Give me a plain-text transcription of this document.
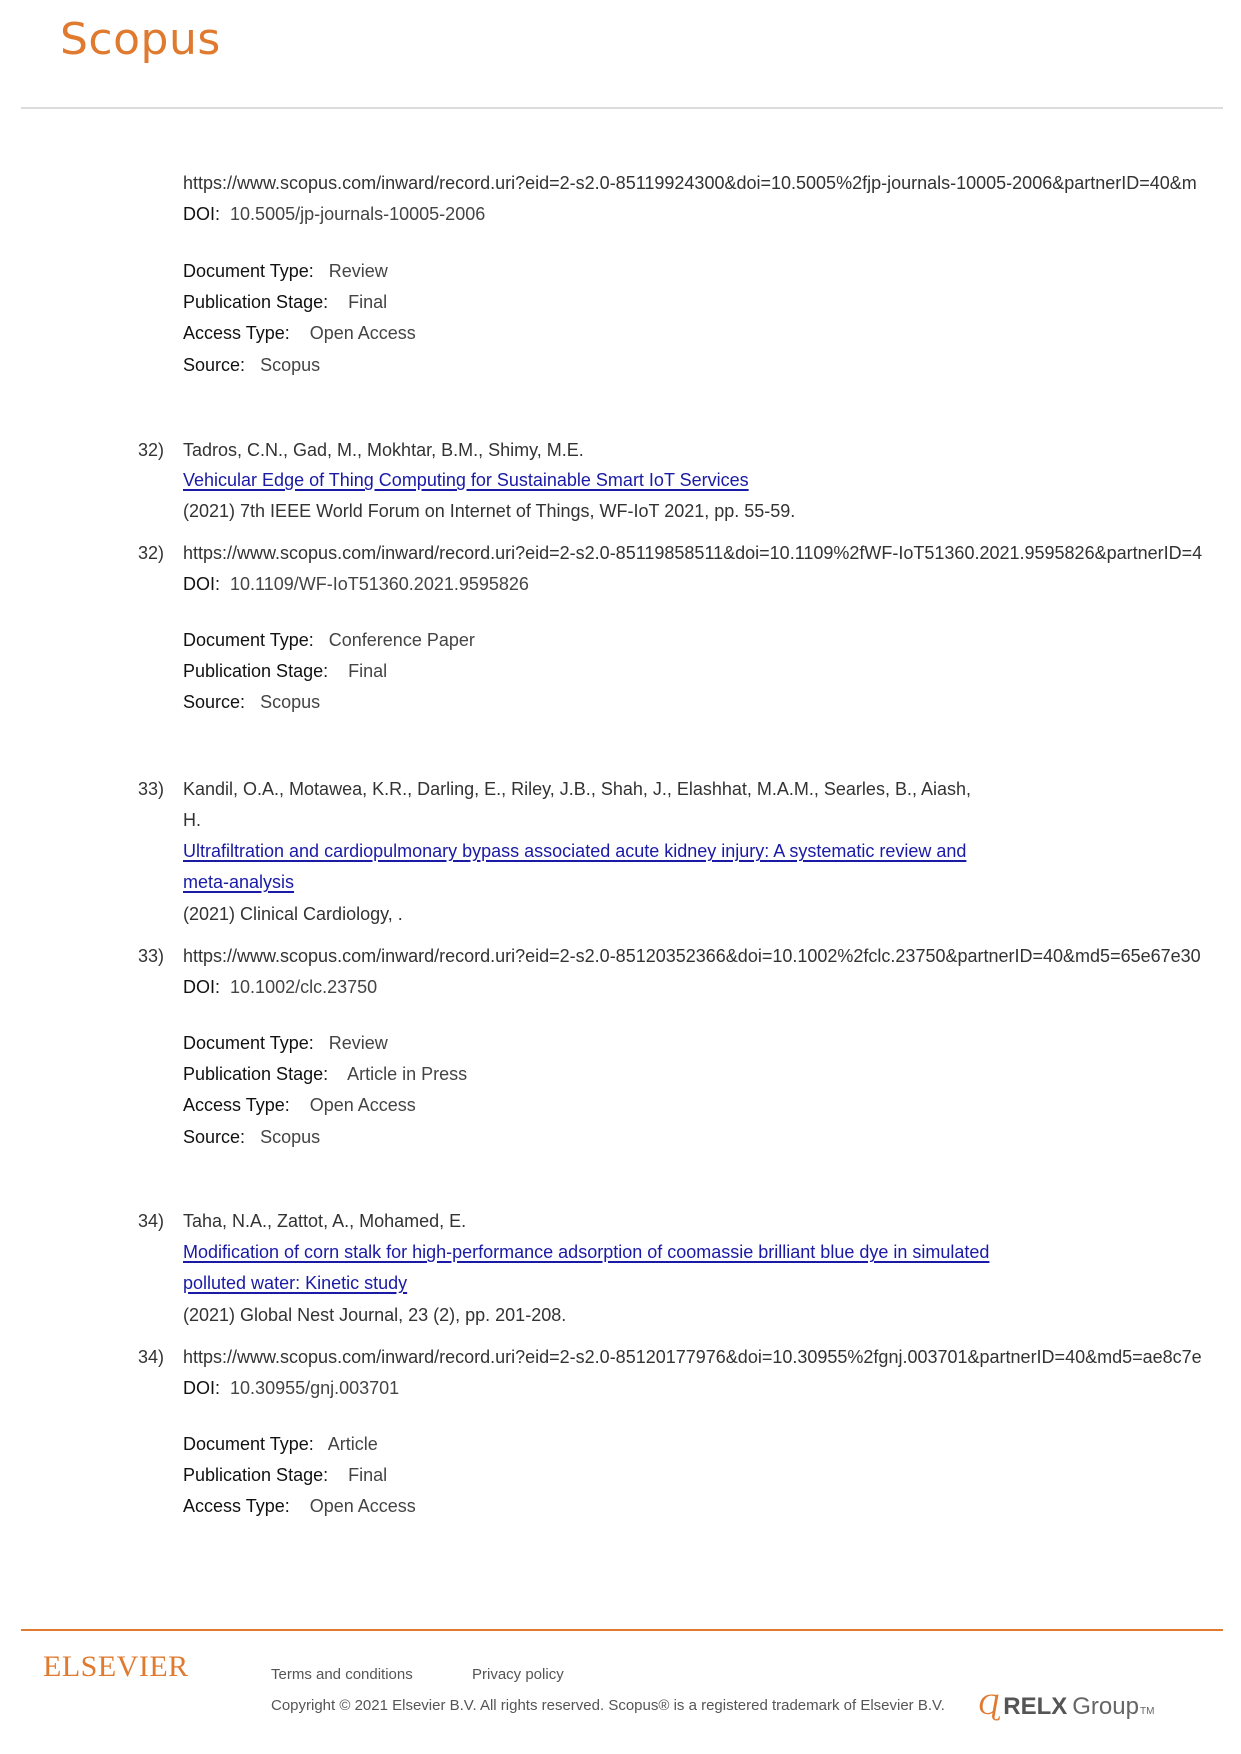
Scopus
https://www.scopus.com/inward/record.uri?eid=2-s2.0-85119924300&doi=10.5005%2fjp-journals-10005-2006&partnerID=40&m
DOI: 10.5005/jp-journals-10005-2006
Document Type: Review
Publication Stage: Final
Access Type: Open Access
Source: Scopus
32) Tadros, C.N., Gad, M., Mokhtar, B.M., Shimy, M.E.
Vehicular Edge of Thing Computing for Sustainable Smart IoT Services
(2021) 7th IEEE World Forum on Internet of Things, WF-IoT 2021, pp. 55-59.
32) https://www.scopus.com/inward/record.uri?eid=2-s2.0-85119858511&doi=10.1109%2fWF-IoT51360.2021.9595826&partnerID=4
DOI: 10.1109/WF-IoT51360.2021.9595826
Document Type: Conference Paper
Publication Stage: Final
Source: Scopus
33) Kandil, O.A., Motawea, K.R., Darling, E., Riley, J.B., Shah, J., Elashhat, M.A.M., Searles, B., Aiash,
H.
Ultrafiltration and cardiopulmonary bypass associated acute kidney injury: A systematic review and
meta-analysis
(2021) Clinical Cardiology, .
33) https://www.scopus.com/inward/record.uri?eid=2-s2.0-85120352366&doi=10.1002%2fclc.23750&partnerID=40&md5=65e67e30
DOI: 10.1002/clc.23750
Document Type: Review
Publication Stage: Article in Press
Access Type: Open Access
Source: Scopus
34) Taha, N.A., Zattot, A., Mohamed, E.
Modification of corn stalk for high-performance adsorption of coomassie brilliant blue dye in simulated
polluted water: Kinetic study
(2021) Global Nest Journal, 23 (2), pp. 201-208.
34) https://www.scopus.com/inward/record.uri?eid=2-s2.0-85120177976&doi=10.30955%2fgnj.003701&partnerID=40&md5=ae8c7e
DOI: 10.30955/gnj.003701
Document Type: Article
Publication Stage: Final
Access Type: Open Access
ELSEVIER	Terms and conditions	Privacy policy
Copyright © 2021 Elsevier B.V. All rights reserved. Scopus® is a registered trademark of Elsevier B.V. Ɋ RELX Group TM
